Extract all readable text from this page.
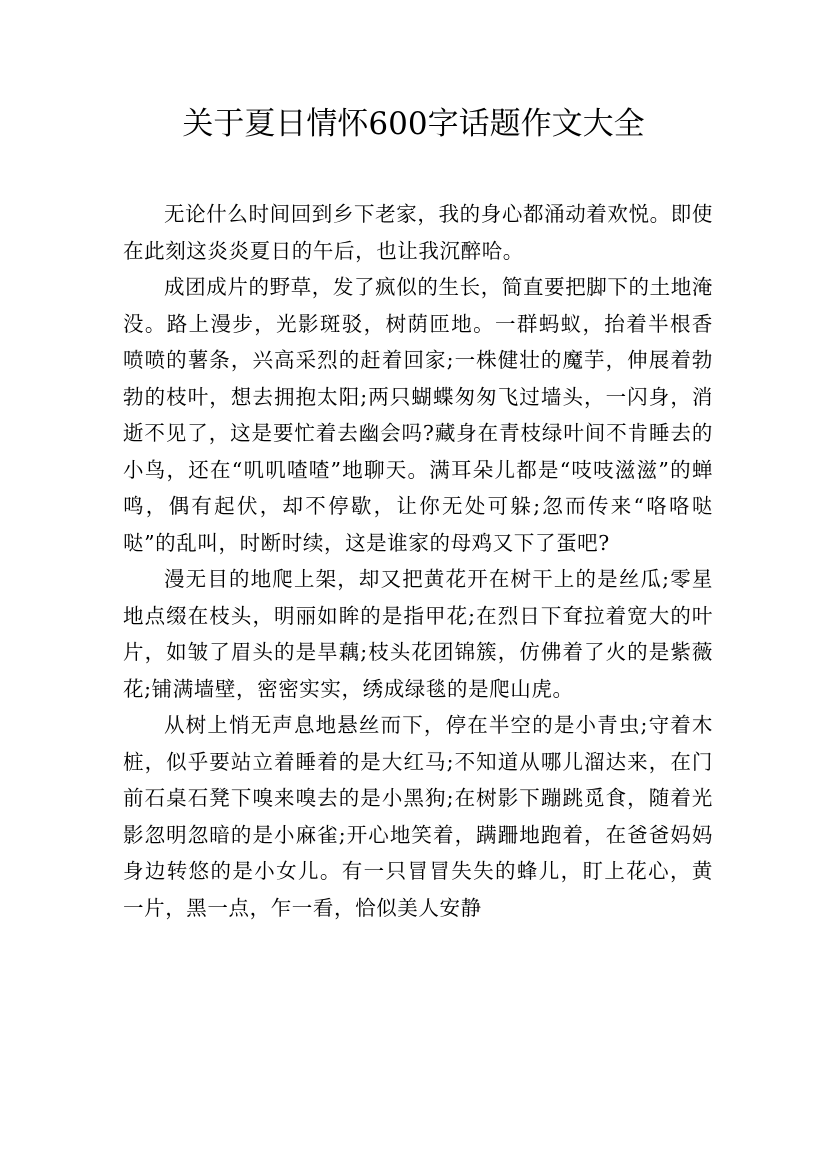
关于夏日情怀600字话题作文大全

无论什么时间回到乡下老家，我的身心都涌动着欢悦。即使在此刻这炎炎夏日的午后，也让我沉醉哈。

成团成片的野草，发了疯似的生长，简直要把脚下的土地淹没。路上漫步，光影斑驳，树荫匝地。一群蚂蚁，抬着半根香喷喷的薯条，兴高采烈的赶着回家;一株健壮的魔芋，伸展着勃勃的枝叶，想去拥抱太阳;两只蝴蝶匆匆飞过墙头，一闪身，消逝不见了，这是要忙着去幽会吗?藏身在青枝绿叶间不肯睡去的小鸟，还在“叽叽喳喳”地聊天。满耳朵儿都是“吱吱滋滋”的蝉鸣，偶有起伏，却不停歇，让你无处可躲;忽而传来“咯咯哒哒”的乱叫，时断时续，这是谁家的母鸡又下了蛋吧?

漫无目的地爬上架，却又把黄花开在树干上的是丝瓜;零星地点缀在枝头，明丽如眸的是指甲花;在烈日下耷拉着宽大的叶片，如皱了眉头的是旱藕;枝头花团锦簇，仿佛着了火的是紫薇花;铺满墙壁，密密实实，绣成绿毯的是爬山虎。

从树上悄无声息地悬丝而下，停在半空的是小青虫;守着木桩，似乎要站立着睡着的是大红马;不知道从哪儿溜达来，在门前石桌石凳下嗅来嗅去的是小黑狗;在树影下蹦跳觅食，随着光影忽明忽暗的是小麻雀;开心地笑着，蹒跚地跑着，在爸爸妈妈身边转悠的是小女儿。有一只冒冒失失的蜂儿，盯上花心，黄一片，黑一点，乍一看，恰似美人安静
